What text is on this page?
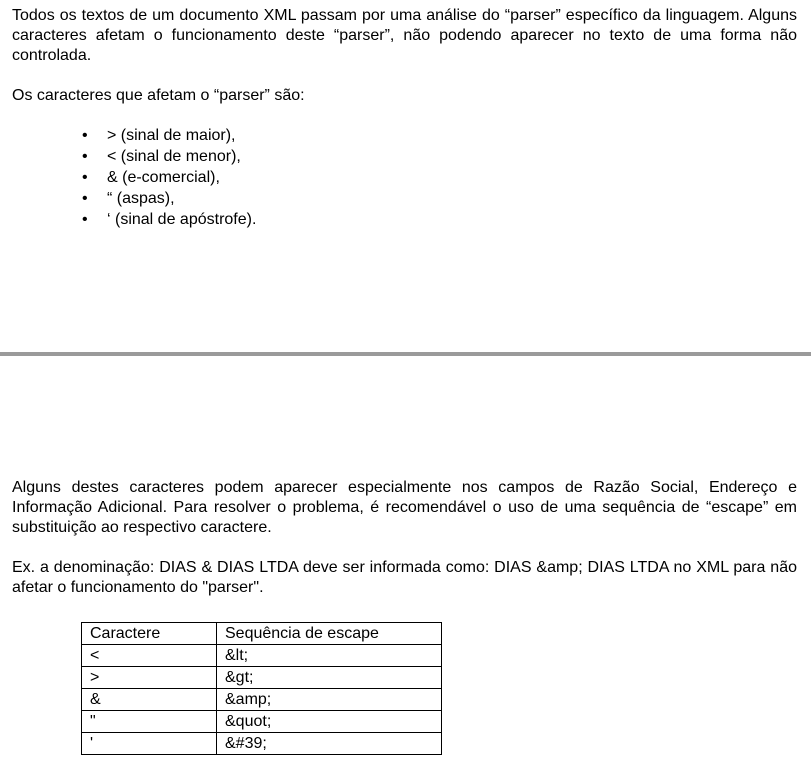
Todos os textos de um documento XML passam por uma análise do “parser” específico da linguagem. Alguns caracteres afetam o funcionamento deste “parser”, não podendo aparecer no texto de uma forma não controlada.

Os caracteres que afetam o “parser” são:

• > (sinal de maior),
• < (sinal de menor),
• & (e-comercial),
• “ (aspas),
• ‘ (sinal de apóstrofe).

Alguns destes caracteres podem aparecer especialmente nos campos de Razão Social, Endereço e Informação Adicional. Para resolver o problema, é recomendável o uso de uma sequência de “escape” em substituição ao respectivo caractere.

Ex. a denominação: DIAS & DIAS LTDA deve ser informada como: DIAS &amp; DIAS LTDA no XML para não afetar o funcionamento do "parser".

Caractere	Sequência de escape
<	&lt;
>	&gt;
&	&amp;
"	&quot;
'	&#39;
